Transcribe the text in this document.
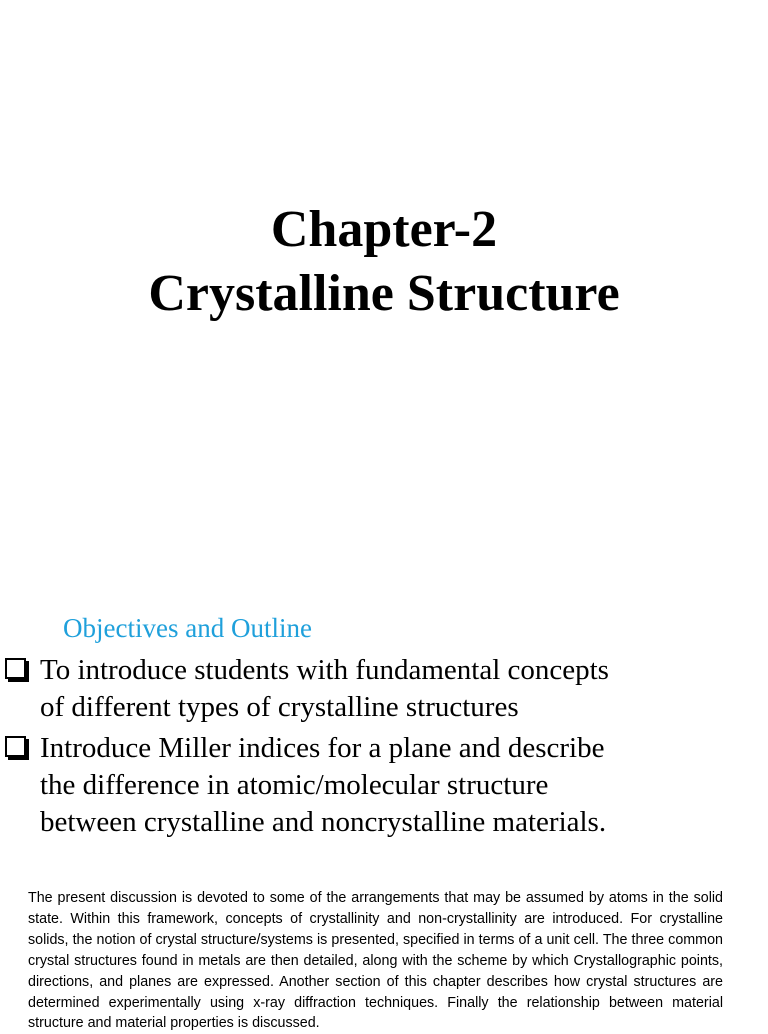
Chapter-2
Crystalline Structure
Objectives and Outline
To introduce students with fundamental concepts
of different types of crystalline structures
Introduce Miller indices for a plane and describe
the difference in atomic/molecular structure
between crystalline and noncrystalline materials.

The present discussion is devoted to some of the arrangements that may be assumed by atoms in the solid state. Within this framework, concepts of crystallinity and non-crystallinity are introduced. For crystalline solids, the notion of crystal structure/systems is presented, specified in terms of a unit cell. The three common crystal structures found in metals are then detailed, along with the scheme by which Crystallographic points, directions, and planes are expressed. Another section of this chapter describes how crystal structures are determined experimentally using x-ray diffraction techniques. Finally the relationship between material structure and material properties is discussed.
